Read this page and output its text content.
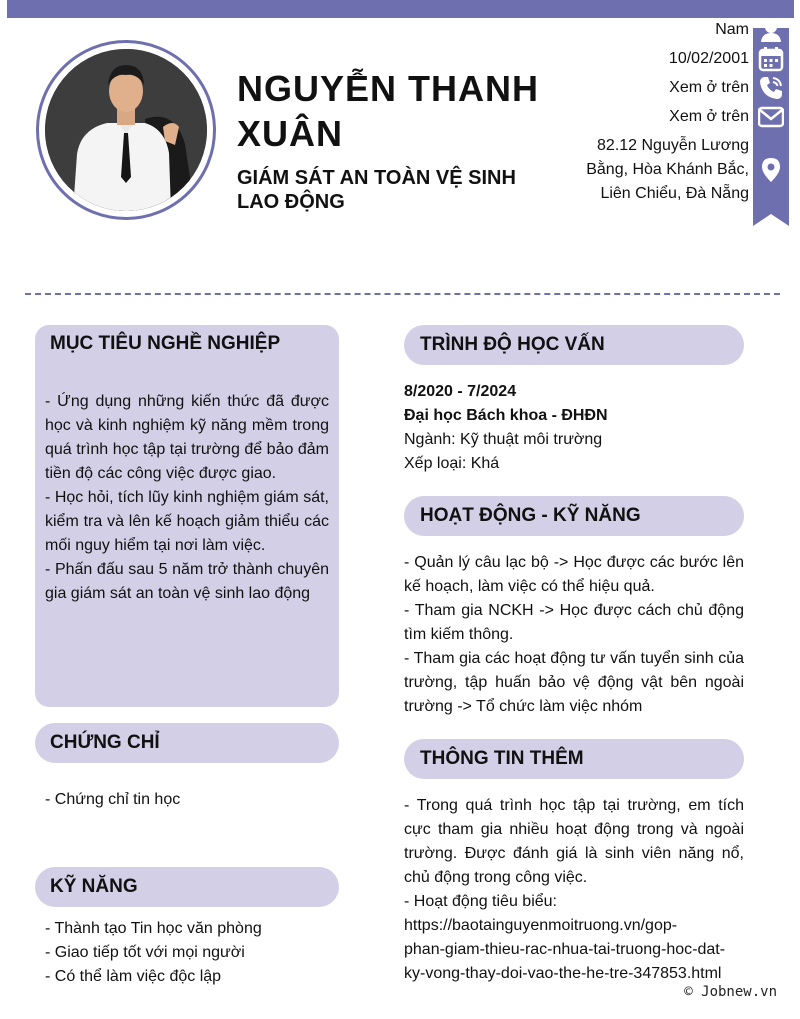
NGUYỄN THANH XUÂN
GIÁM SÁT AN TOÀN VỆ SINH LAO ĐỘNG
Nam
10/02/2001
Xem ở trên
Xem ở trên
82.12 Nguyễn Lương Bằng, Hòa Khánh Bắc, Liên Chiểu, Đà Nẵng
MỤC TIÊU NGHỀ NGHIỆP
- Ứng dụng những kiến thức đã được học và kinh nghiệm kỹ năng mềm trong quá trình học tập tại trường để bảo đảm tiền độ các công việc được giao.
- Học hỏi, tích lũy kinh nghiệm giám sát, kiểm tra và lên kế hoạch giảm thiểu các mối nguy hiểm tại nơi làm việc.
- Phấn đấu sau 5 năm trở thành chuyên gia giám sát an toàn vệ sinh lao động
CHỨNG CHỈ
- Chứng chỉ tin học
KỸ NĂNG
- Thành tạo Tin học văn phòng
- Giao tiếp tốt với mọi người
- Có thể làm việc độc lập
TRÌNH ĐỘ HỌC VẤN
8/2020 - 7/2024
Đại học Bách khoa - ĐHĐN
Ngành: Kỹ thuật môi trường
Xếp loại: Khá
HOẠT ĐỘNG - KỸ NĂNG
- Quản lý câu lạc bộ -> Học được các bước lên kế hoạch, làm việc có thể hiệu quả.
- Tham gia NCKH -> Học được cách chủ động tìm kiếm thông.
- Tham gia các hoạt động tư vấn tuyển sinh của trường, tập huấn bảo vệ động vật bên ngoài trường -> Tổ chức làm việc nhóm
THÔNG TIN THÊM
- Trong quá trình học tập tại trường, em tích cực tham gia nhiều hoạt động trong và ngoài trường. Được đánh giá là sinh viên năng nổ, chủ động trong công việc.
- Hoạt động tiêu biểu:
https://baotainguyenmoitruong.vn/gop-
phan-giam-thieu-rac-nhua-tai-truong-hoc-dat-
ky-vong-thay-doi-vao-the-he-tre-347853.html
© Jobnew.vn
